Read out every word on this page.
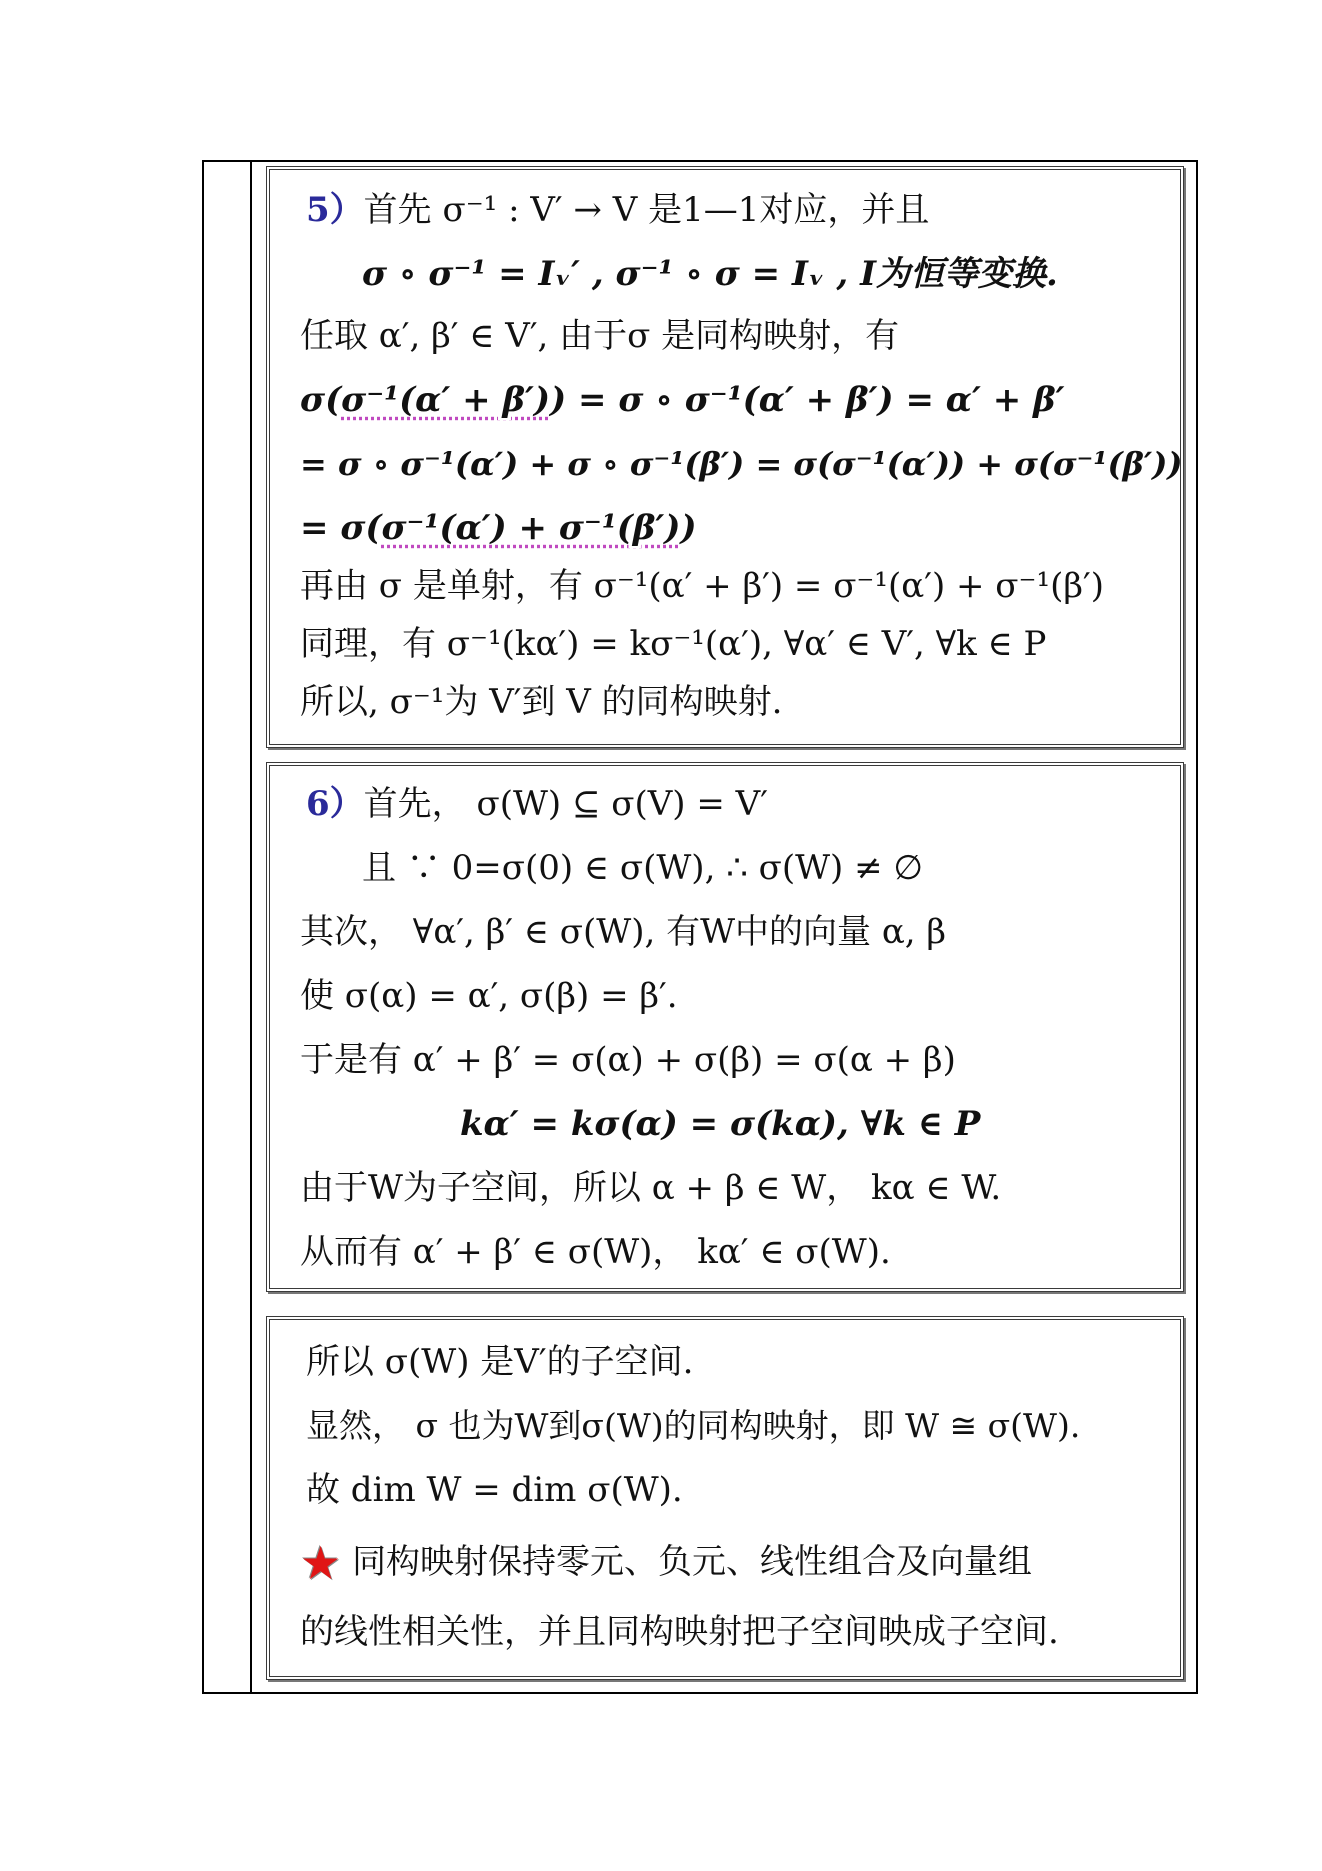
5）首先 σ⁻¹ : V′ → V 是1—1对应，并且
σ ∘ σ⁻¹ = Iᵥ′ , σ⁻¹ ∘ σ = Iᵥ , I为恒等变换.
任取 α′, β′ ∈ V′, 由于σ 是同构映射，有
σ(σ⁻¹(α′ + β′)) = σ ∘ σ⁻¹(α′ + β′) = α′ + β′
= σ ∘ σ⁻¹(α′) + σ ∘ σ⁻¹(β′) = σ(σ⁻¹(α′)) + σ(σ⁻¹(β′))
= σ(σ⁻¹(α′) + σ⁻¹(β′))
再由 σ 是单射，有 σ⁻¹(α′ + β′) = σ⁻¹(α′) + σ⁻¹(β′)
同理，有 σ⁻¹(kα′) = kσ⁻¹(α′), ∀α′ ∈ V′, ∀k ∈ P
所以, σ⁻¹为 V′到 V 的同构映射.
6）首先， σ(W) ⊆ σ(V) = V′
且 ∵ 0=σ(0) ∈ σ(W), ∴ σ(W) ≠ ∅
其次， ∀α′, β′ ∈ σ(W), 有W中的向量 α, β
使 σ(α) = α′, σ(β) = β′.
于是有 α′ + β′ = σ(α) + σ(β) = σ(α + β)
kα′ = kσ(α) = σ(kα), ∀k ∈ P
由于W为子空间，所以 α + β ∈ W， kα ∈ W.
从而有 α′ + β′ ∈ σ(W)， kα′ ∈ σ(W).
所以 σ(W) 是V′的子空间.
显然， σ 也为W到σ(W)的同构映射，即 W ≅ σ(W).
故 dim W = dim σ(W).
★ 同构映射保持零元、负元、线性组合及向量组
的线性相关性，并且同构映射把子空间映成子空间.
